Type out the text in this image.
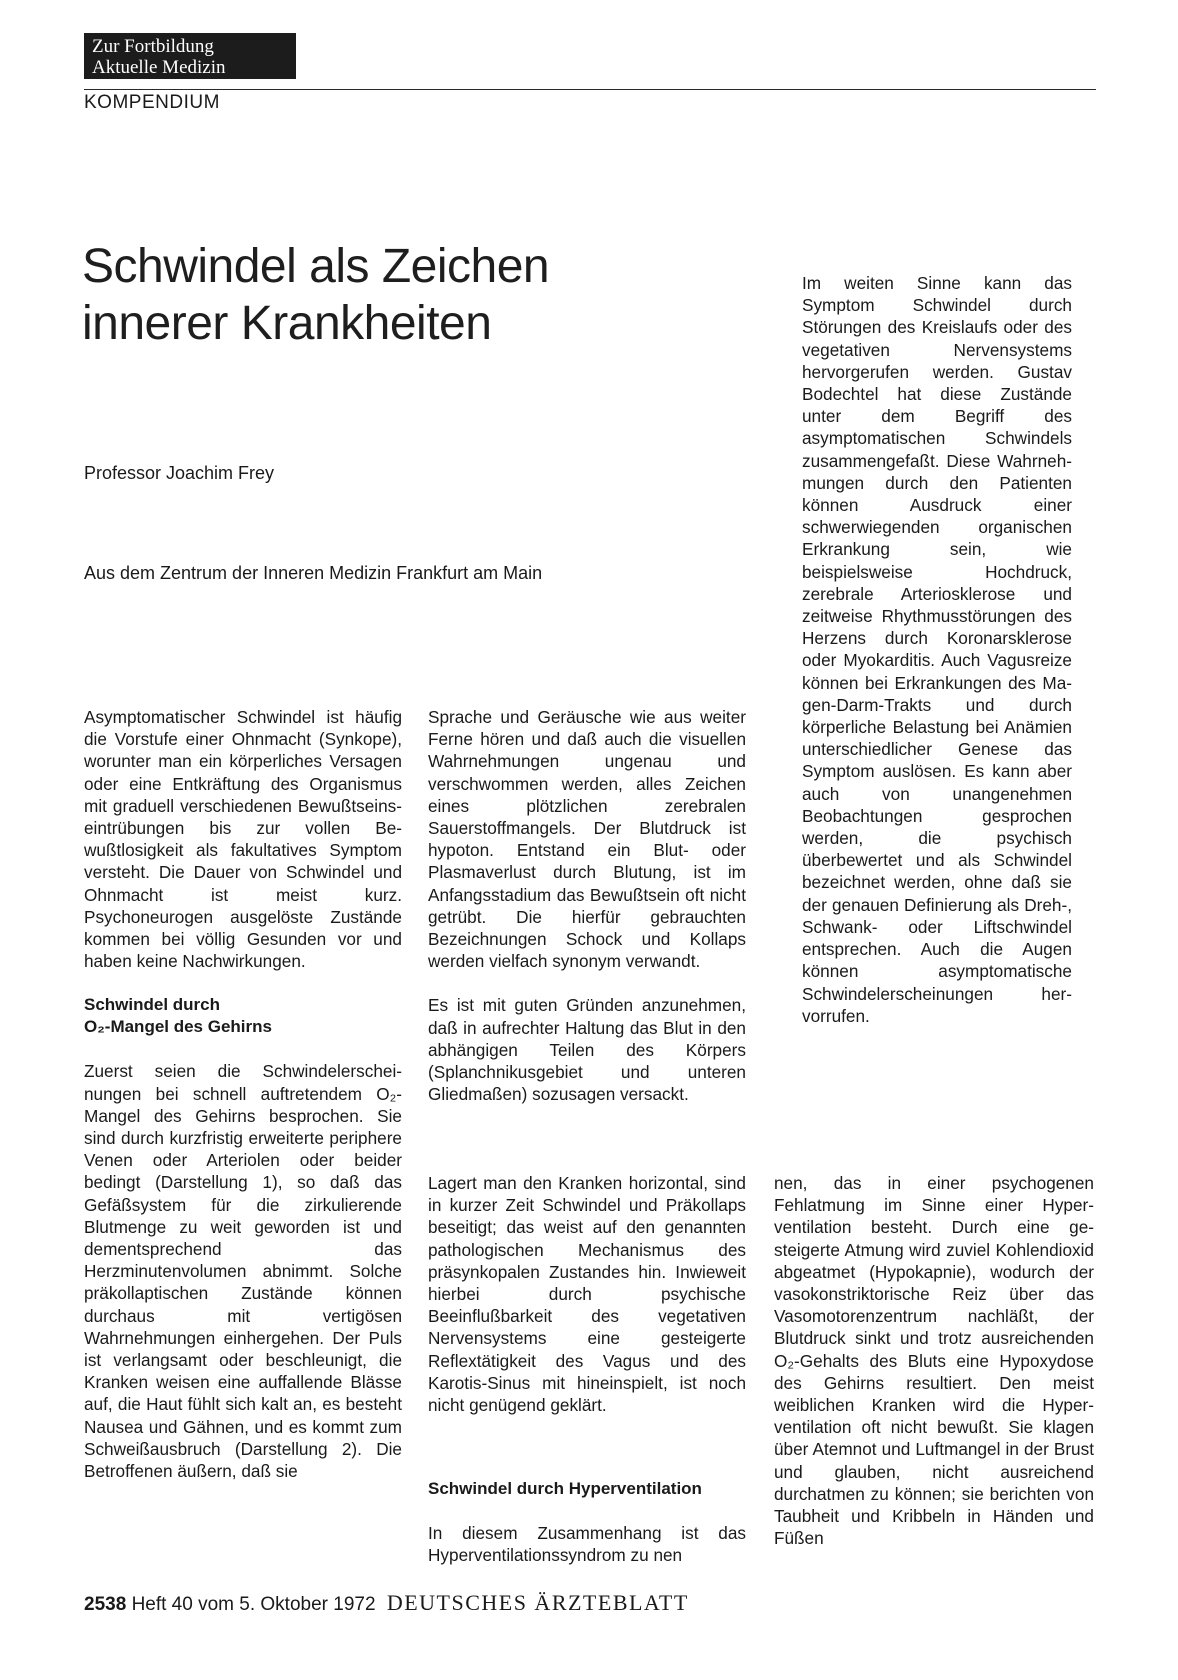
Zur Fortbildung
Aktuelle Medizin
KOMPENDIUM
Schwindel als Zeichen
innerer Krankheiten
Professor Joachim Frey
Aus dem Zentrum der Inneren Medizin Frankfurt am Main

Im weiten Sinne kann das Symptom Schwindel durch Störungen des Kreislaufs oder des vegetativen Nervensystems hervorgerufen werden. Gustav Bodechtel hat diese Zustände unter dem Begriff des asymptomatischen Schwindels zusammengefaßt. Diese Wahrnehmungen durch den Patienten können Ausdruck einer schwerwiegenden organischen Erkrankung sein, wie beispielsweise Hochdruck, zerebrale Arteriosklerose und zeitweise Rhythmusstörungen des Herzens durch Koronarsklerose oder Myokarditis. Auch Vagusreize können bei Erkrankungen des Magen-Darm-Trakts und durch körperliche Belastung bei Anämien unterschiedlicher Genese das Symptom auslösen. Es kann aber auch von unangenehmen Beobachtungen gesprochen werden, die psychisch überbewertet und als Schwindel bezeichnet werden, ohne daß sie der genauen Definierung als Dreh-, Schwank- oder Liftschwindel entsprechen. Auch die Augen können asymptomatische Schwindelerscheinungen hervorrufen.

Asymptomatischer Schwindel ist häufig die Vorstufe einer Ohnmacht (Synkope), worunter man ein körperliches Versagen oder eine Entkräftung des Organismus mit graduell verschiedenen Bewußtseinseintrübungen bis zur vollen Bewußtlosigkeit als fakultatives Symptom versteht. Die Dauer von Schwindel und Ohnmacht ist meist kurz. Psychoneurogen ausgelöste Zustände kommen bei völlig Gesunden vor und haben keine Nachwirkungen.

Schwindel durch
O₂-Mangel des Gehirns

Zuerst seien die Schwindelerscheinungen bei schnell auftretendem O₂-Mangel des Gehirns besprochen. Sie sind durch kurzfristig erweiterte periphere Venen oder Arteriolen oder beider bedingt (Darstellung 1), so daß das Gefäßsystem für die zirkulierende Blutmenge zu weit geworden ist und dementsprechend das Herzminutenvolumen abnimmt. Solche präkollaptischen Zustände können durchaus mit vertigösen Wahrnehmungen einhergehen. Der Puls ist verlangsamt oder beschleunigt, die Kranken weisen eine auffallende Blässe auf, die Haut fühlt sich kalt an, es besteht Nausea und Gähnen, und es kommt zum Schweißausbruch (Darstellung 2). Die Betroffenen äußern, daß sie

Sprache und Geräusche wie aus weiter Ferne hören und daß auch die visuellen Wahrnehmungen ungenau und verschwommen werden, alles Zeichen eines plötzlichen zerebralen Sauerstoffmangels. Der Blutdruck ist hypoton. Entstand ein Blut- oder Plasmaverlust durch Blutung, ist im Anfangsstadium das Bewußtsein oft nicht getrübt. Die hierfür gebrauchten Bezeichnungen Schock und Kollaps werden vielfach synonym verwandt.

Es ist mit guten Gründen anzunehmen, daß in aufrechter Haltung das Blut in den abhängigen Teilen des Körpers (Splanchnikusgebiet und unteren Gliedmaßen) sozusagen versackt.

Lagert man den Kranken horizontal, sind in kurzer Zeit Schwindel und Präkollaps beseitigt; das weist auf den genannten pathologischen Mechanismus des präsynkopalen Zustandes hin. Inwieweit hierbei durch psychische Beeinflußbarkeit des vegetativen Nervensystems eine gesteigerte Reflextätigkeit des Vagus und des Karotis-Sinus mit hineinspielt, ist noch nicht genügend geklärt.

Schwindel durch Hyperventilation

In diesem Zusammenhang ist das Hyperventilationssyndrom zu nen

nen, das in einer psychogenen Fehlatmung im Sinne einer Hyperventilation besteht. Durch eine gesteigerte Atmung wird zuviel Kohlendioxid abgeatmet (Hypokapnie), wodurch der vasokonstriktorische Reiz über das Vasomotorenzentrum nachläßt, der Blutdruck sinkt und trotz ausreichenden O₂-Gehalts des Bluts eine Hypoxydose des Gehirns resultiert. Den meist weiblichen Kranken wird die Hyperventilation oft nicht bewußt. Sie klagen über Atemnot und Luftmangel in der Brust und glauben, nicht ausreichend durchatmen zu können; sie berichten von Taubheit und Kribbeln in Händen und Füßen

2538 Heft 40 vom 5. Oktober 1972 DEUTSCHES ÄRZTEBLATT
